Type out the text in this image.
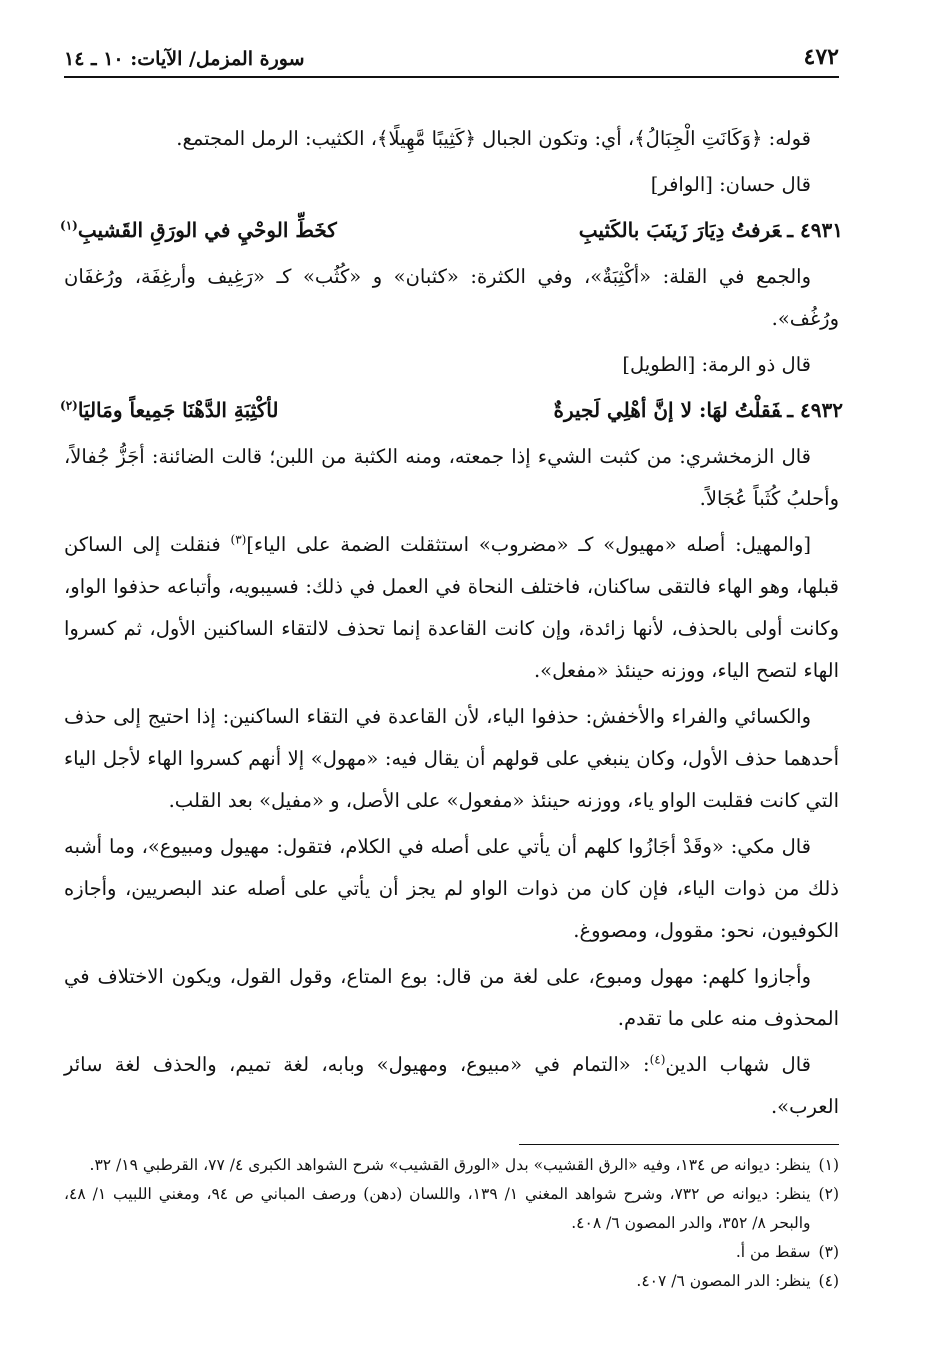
٤٧٢
سورة المزمل/ الآيات: ١٠ ـ ١٤

قوله: ﴿وَكَانَتِ الْجِبَالُ﴾، أي: وتكون الجبال ﴿كَثِيبًا مَّهِيلًا﴾، الكثيب: الرمل المجتمع.

قال حسان: [الوافر]

٤٩٣١ ـعَرفتُ دِيَارَ زَينَبَ بالكَثيبِ
كخَطِّ الوحْيِ في الورَقِ القَشيبِ$^{(١)}$

والجمع في القلة: «أكْثِبَةٌ»، وفي الكثرة: «كثبان» و «كُثُب» كـ «رَغِيف وأرغِفَة، ورُغفَان ورُغُف».

قال ذو الرمة: [الطويل]

٤٩٣٢ ـفَقلْتُ لهَا: لا إنَّ أهْلِي لَجيرةٌ
لأكْثِبَةِ الدَّهْنَا جَمِيعاً ومَاليَا$^{(٢)}$

قال الزمخشري: من كثبت الشيء إذا جمعته، ومنه الكثبة من اللبن؛ قالت الضائنة: أجَزُّ جُفالاً، وأحلبُ كُثَباً عُجَالاً.

[والمهيل: أصله «مهيول» كـ «مضروب» استثقلت الضمة على الياء]$^{(٣)}$ فنقلت إلى الساكن قبلها، وهو الهاء فالتقى ساكنان، فاختلف النحاة في العمل في ذلك: فسيبويه، وأتباعه حذفوا الواو، وكانت أولى بالحذف، لأنها زائدة، وإن كانت القاعدة إنما تحذف لالتقاء الساكنين الأول، ثم كسروا الهاء لتصح الياء، ووزنه حينئذ «مفعل».

والكسائي والفراء والأخفش: حذفوا الياء، لأن القاعدة في التقاء الساكنين: إذا احتيج إلى حذف أحدهما حذف الأول، وكان ينبغي على قولهم أن يقال فيه: «مهول» إلا أنهم كسروا الهاء لأجل الياء التي كانت فقلبت الواو ياء، ووزنه حينئذ «مفعول» على الأصل، و «مفيل» بعد القلب.

قال مكي: «وقَدْ أجَازُوا كلهم أن يأتي على أصله في الكلام، فتقول: مهيول ومبيوع»، وما أشبه ذلك من ذوات الياء، فإن كان من ذوات الواو لم يجز أن يأتي على أصله عند البصريين، وأجازه الكوفيون، نحو: مقوول، ومصووغ.

وأجازوا كلهم: مهول ومبوع، على لغة من قال: بوع المتاع، وقول القول، ويكون الاختلاف في المحذوف منه على ما تقدم.

قال شهاب الدين$^{(٤)}$: «التمام في «مبيوع، ومهيول» وبابه، لغة تميم، والحذف لغة سائر العرب».

(١)
ينظر: ديوانه ص ١٣٤، وفيه «الرق القشيب» بدل «الورق القشيب» شرح الشواهد الكبرى ٤/ ٧٧، القرطبي ١٩/ ٣٢.
(٢)
ينظر: ديوانه ص ٧٣٢، وشرح شواهد المغني ١/ ١٣٩، واللسان (دهن) ورصف المباني ص ٩٤، ومغني اللبيب ١/ ٤٨، والبحر ٨/ ٣٥٢، والدر المصون ٦/ ٤٠٨.
(٣)
سقط من أ.
(٤)
ينظر: الدر المصون ٦/ ٤٠٧.
